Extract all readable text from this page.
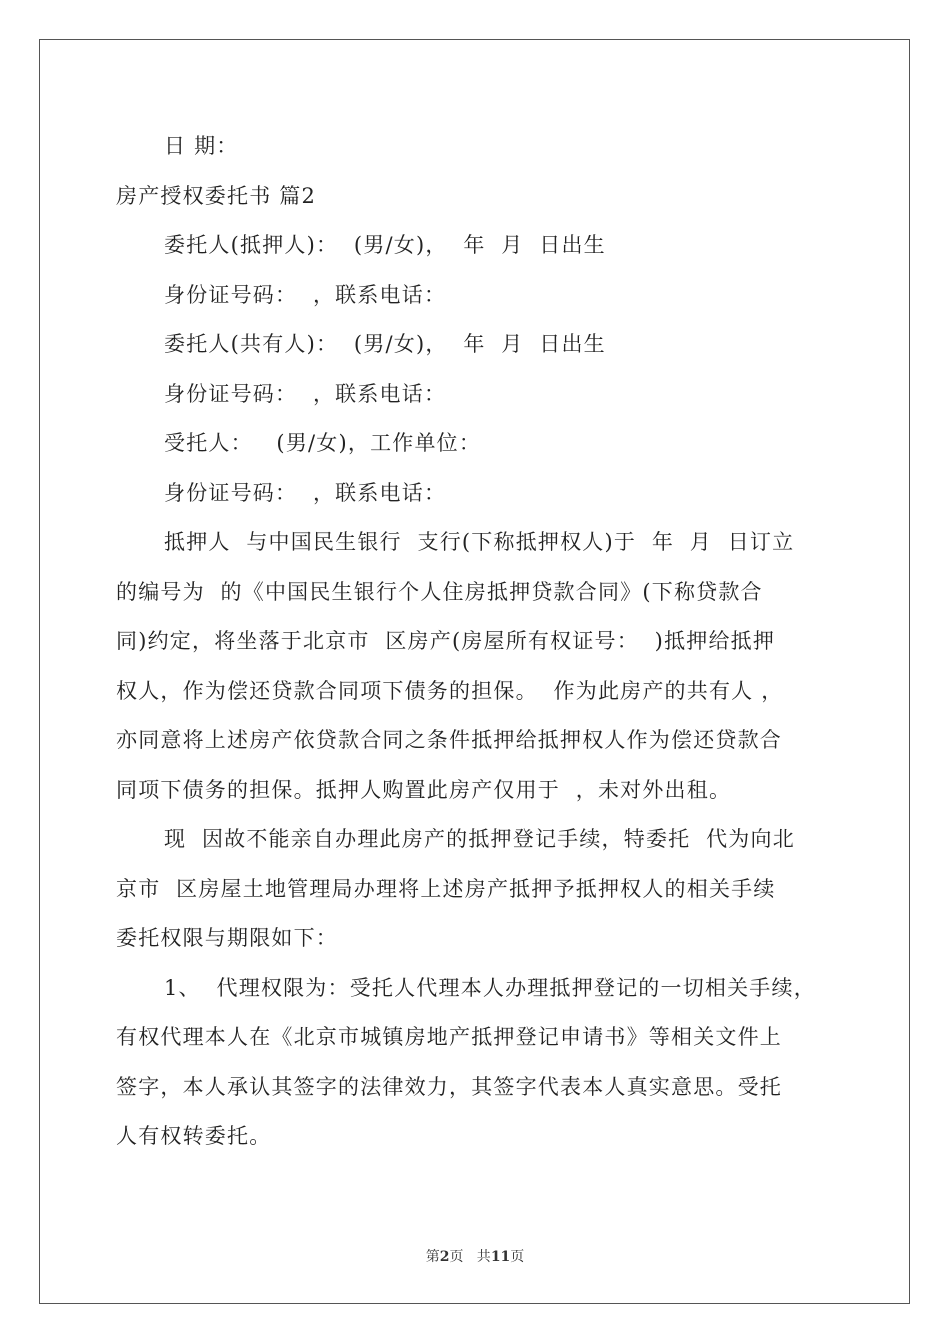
日 期：
房产授权委托书 篇2
委托人(抵押人)：  (男/女)，  年  月  日出生
身份证号码：  ，联系电话：
委托人(共有人)：  (男/女)，  年  月  日出生
身份证号码：  ，联系电话：
受托人：   (男/女)，工作单位：
身份证号码：  ，联系电话：
抵押人  与中国民生银行  支行(下称抵押权人)于  年  月  日订立
的编号为  的《中国民生银行个人住房抵押贷款合同》(下称贷款合
同)约定，将坐落于北京市  区房产(房屋所有权证号：  )抵押给抵押
权人，作为偿还贷款合同项下债务的担保。  作为此房产的共有人 ，
亦同意将上述房产依贷款合同之条件抵押给抵押权人作为偿还贷款合
同项下债务的担保。抵押人购置此房产仅用于  ，未对外出租。
现  因故不能亲自办理此房产的抵押登记手续，特委托  代为向北
京市  区房屋土地管理局办理将上述房产抵押予抵押权人的相关手续
委托权限与期限如下：
1、  代理权限为：受托人代理本人办理抵押登记的一切相关手续，
有权代理本人在《北京市城镇房地产抵押登记申请书》等相关文件上
签字，本人承认其签字的法律效力，其签字代表本人真实意思。受托
人有权转委托。
第2页   共11页
